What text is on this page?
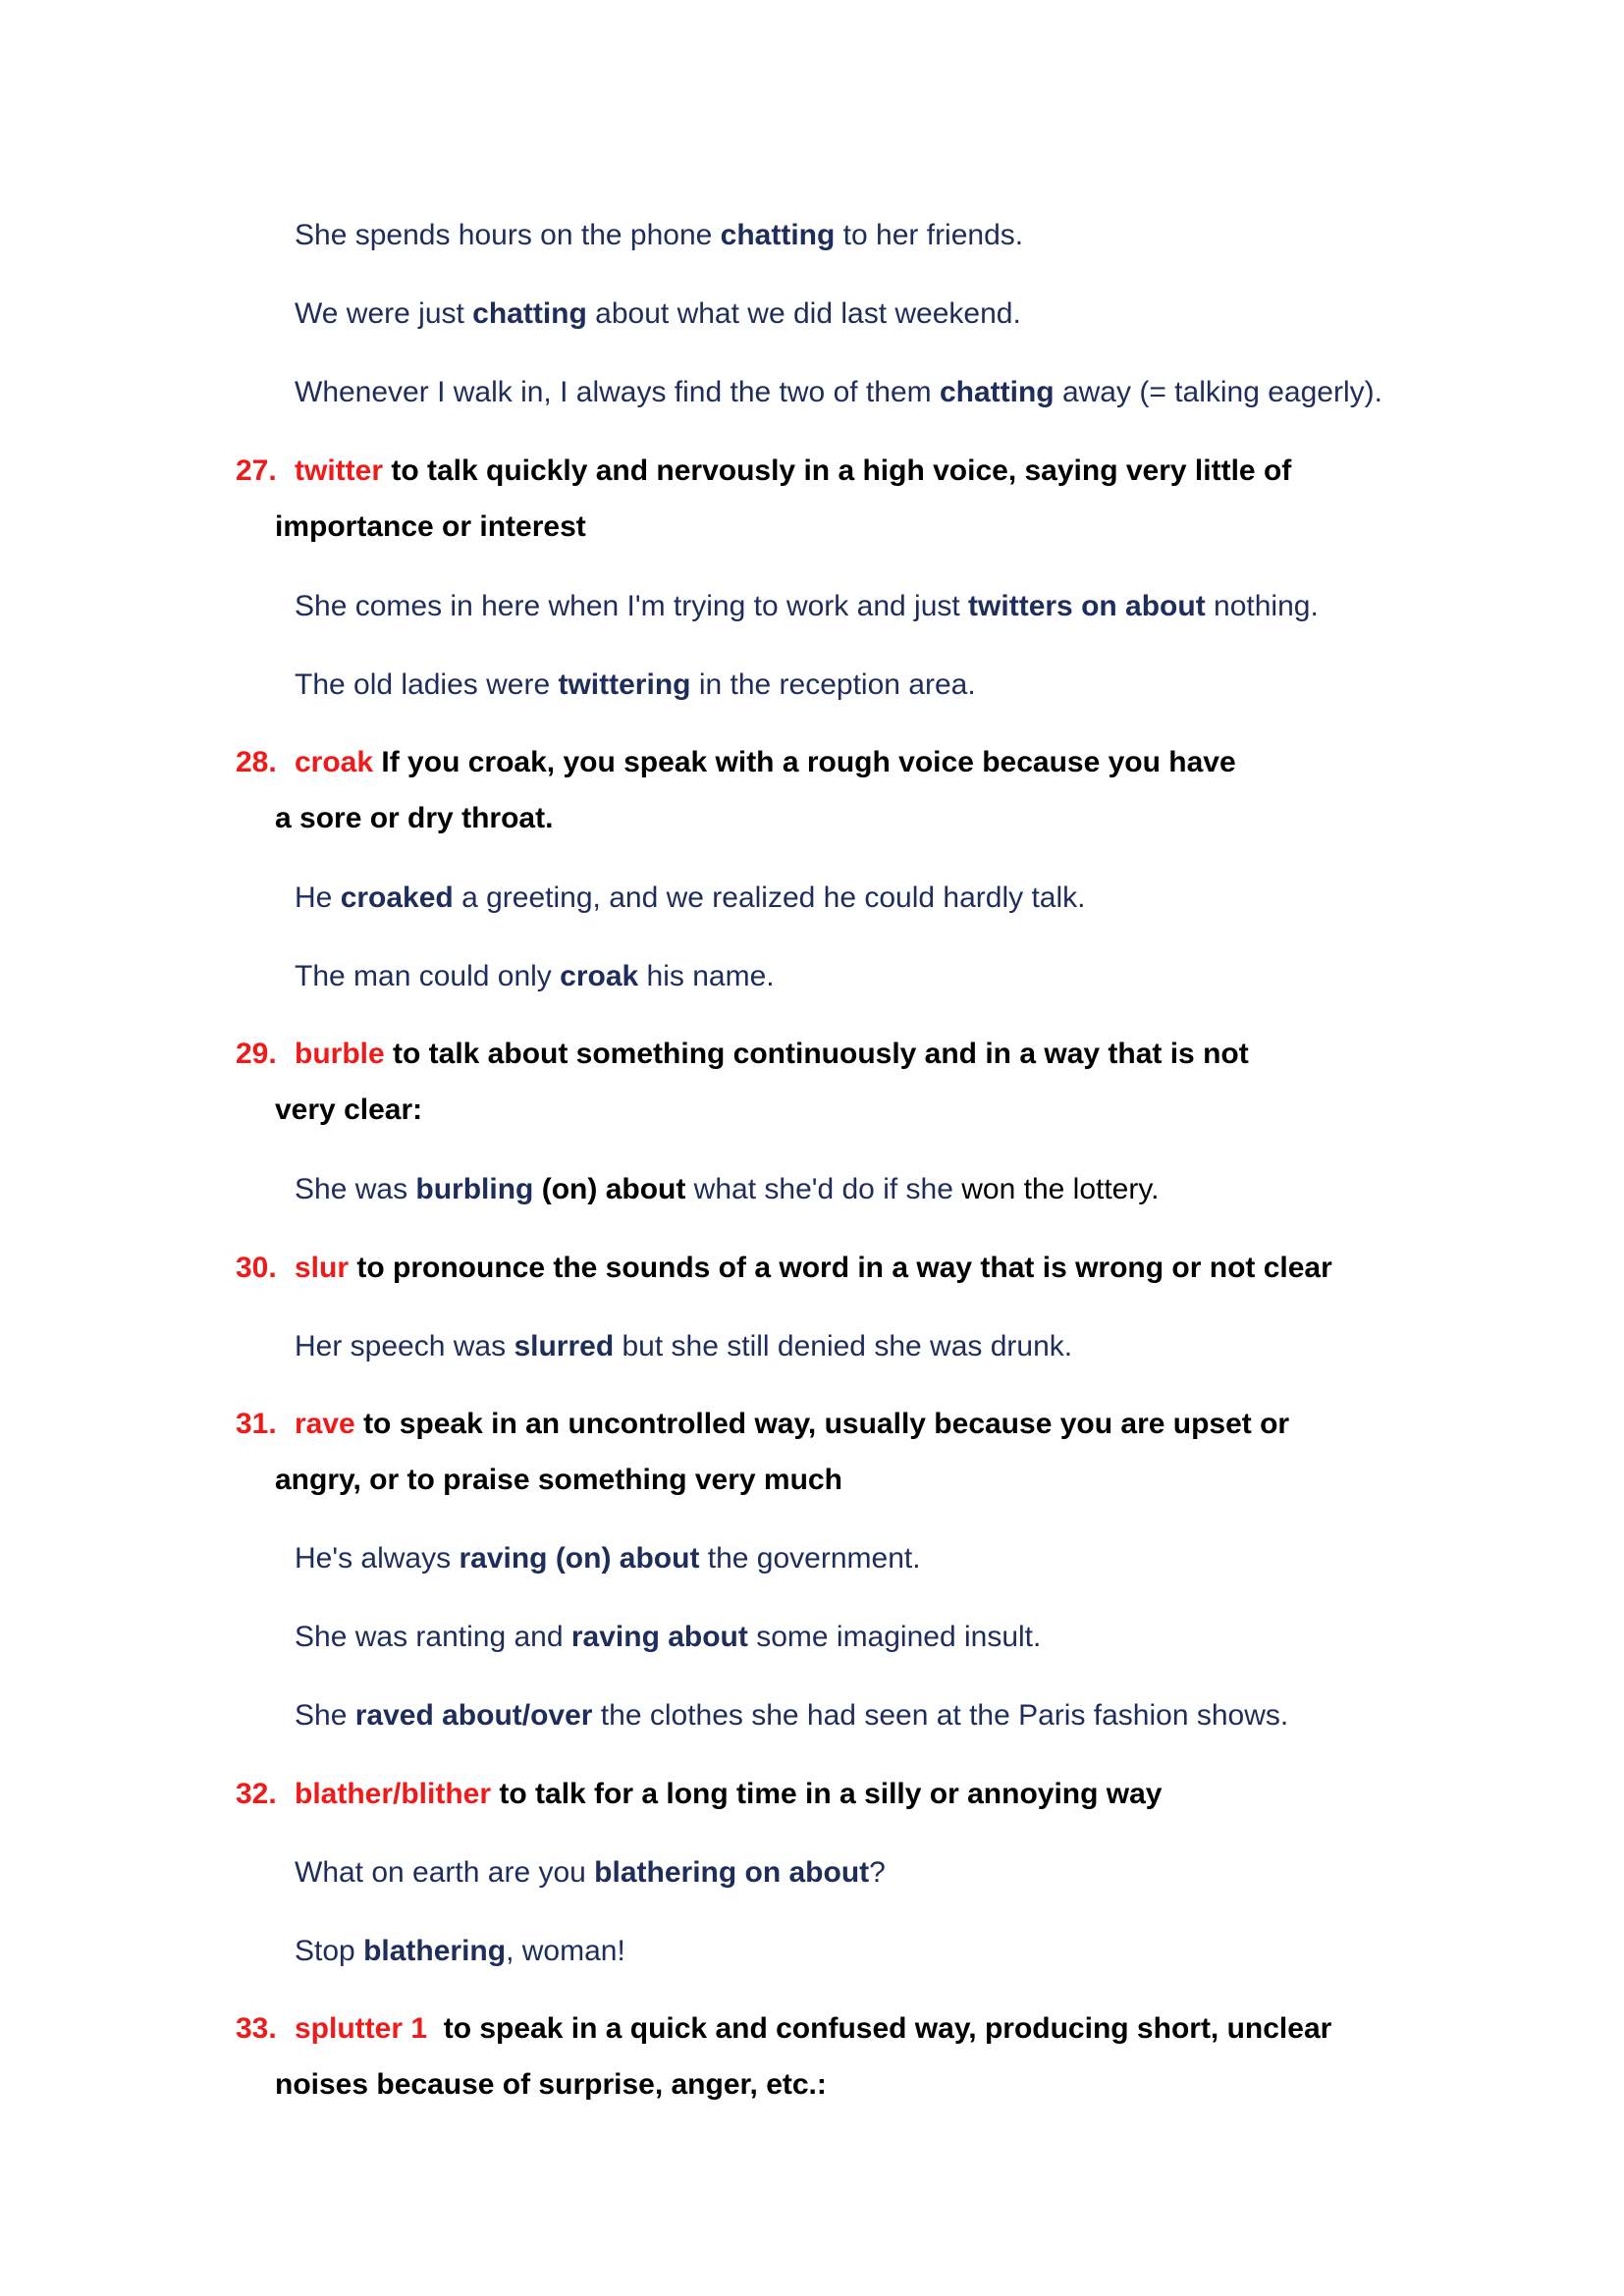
She spends hours on the phone chatting to her friends.
We were just chatting about what we did last weekend.
Whenever I walk in, I always find the two of them chatting away (= talking eagerly).
27. twitter to talk quickly and nervously in a high voice, saying very little of
importance or interest
She comes in here when I'm trying to work and just twitters on about nothing.
The old ladies were twittering in the reception area.
28. croak If you croak, you speak with a rough voice because you have
a sore or dry throat.
He croaked a greeting, and we realized he could hardly talk.
The man could only croak his name.
29. burble to talk about something continuously and in a way that is not
very clear:
She was burbling (on) about what she'd do if she won the lottery.
30. slur to pronounce the sounds of a word in a way that is wrong or not clear
Her speech was slurred but she still denied she was drunk.
31. rave to speak in an uncontrolled way, usually because you are upset or
angry, or to praise something very much
He's always raving (on) about the government.
She was ranting and raving about some imagined insult.
She raved about/over the clothes she had seen at the Paris fashion shows.
32. blather/blither to talk for a long time in a silly or annoying way
What on earth are you blathering on about?
Stop blathering, woman!
33. splutter 1  to speak in a quick and confused way, producing short, unclear
noises because of surprise, anger, etc.:
